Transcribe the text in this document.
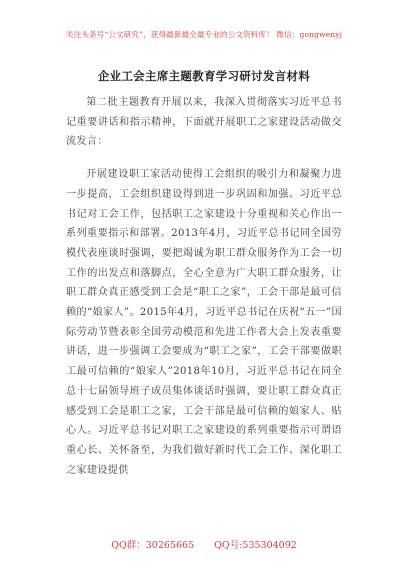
关注头条号“公文研究”，获得最新最全最专业的公文资料库！ 微信：gongwenyj
企业工会主席主题教育学习研讨发言材料

第二批主题教育开展以来，我深入贯彻落实习近平总书记重要讲话和指示精神，下面就开展职工之家建设活动做交流发言：

开展建设职工家活动使得工会组织的吸引力和凝聚力进一步提高，工会组织建设得到进一步巩固和加强。习近平总书记对工会工作，包括职工之家建设十分重视和关心作出一系列重要指示和部署。2013年4月，习近平总书记同全国劳模代表座谈时强调，要把竭诚为职工群众服务作为工会一切工作的出发点和落脚点，全心全意为广大职工群众服务，让职工群众真正感受到工会是“职工之家”，工会干部是最可信赖的“娘家人”。2015年4月，习近平总书记在庆祝“五一”国际劳动节暨表彰全国劳动模范和先进工作者大会上发表重要讲话，进一步强调工会要成为“职工之家”，工会干部要做职工最可信赖的“娘家人”2018年10月，习近平总书记在同全总十七届领导班子成员集体谈话时强调，要让职工群众真正感受到工会是职工之家，工会干部是最可信赖的娘家人、贴心人。习近平总书记对职工之家建设的系列重要指示可谓语重心长、关怀备至，为我们做好新时代工会工作、深化职工之家建设提供

QQ群：30265665 QQ号:535304092
